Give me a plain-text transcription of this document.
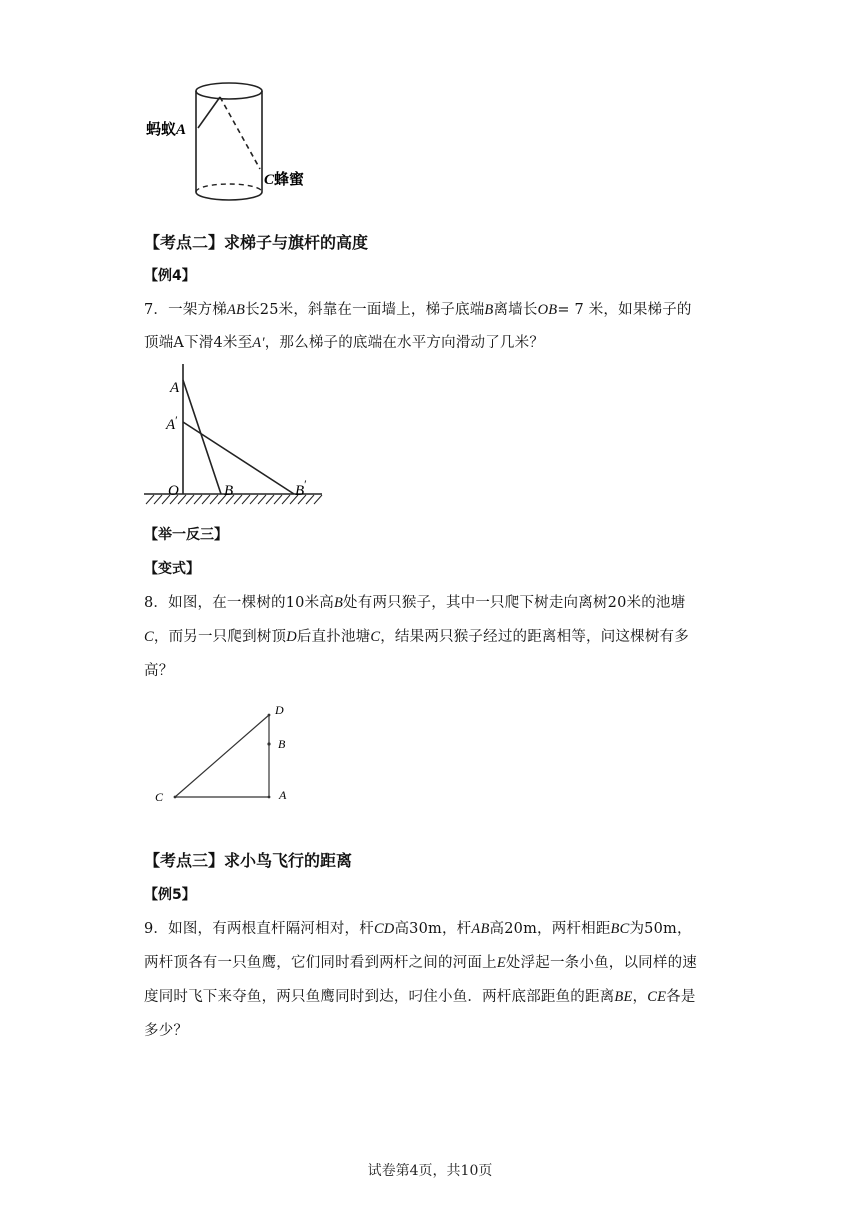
蚂蚁A
C蜂蜜
【考点二】求梯子与旗杆的高度
【例4】
7．一架方梯AB长25米，斜靠在一面墙上，梯子底端B离墙长OB= 7 米，如果梯子的
顶端A下滑4米至A′，那么梯子的底端在水平方向滑动了几米？
A
A′
O	B	B′
【举一反三】
【变式】
8．如图，在一棵树的10米高B处有两只猴子，其中一只爬下树走向离树20米的池塘
C，而另一只爬到树顶D后直扑池塘C，结果两只猴子经过的距离相等，问这棵树有多
高？
D
B
C	A
【考点三】求小鸟飞行的距离
【例5】
9．如图，有两根直杆隔河相对，杆CD高30m，杆AB高20m，两杆相距BC为50m，
两杆顶各有一只鱼鹰，它们同时看到两杆之间的河面上E处浮起一条小鱼，以同样的速
度同时飞下来夺鱼，两只鱼鹰同时到达，叼住小鱼．两杆底部距鱼的距离BE，CE各是
多少？
试卷第4页，共10页
